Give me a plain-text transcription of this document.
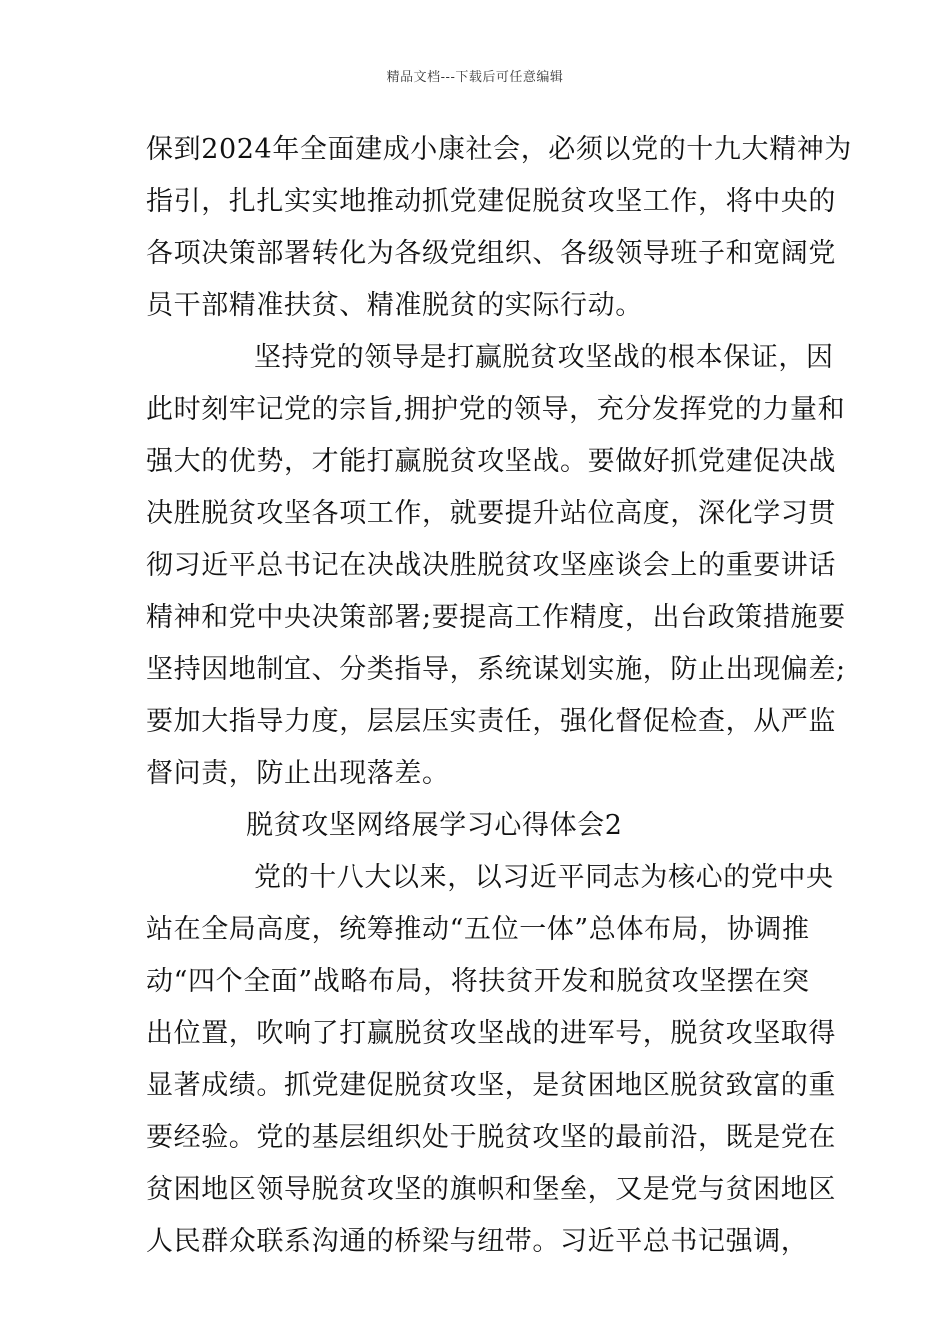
精品文档---下载后可任意编辑
保到2024年全面建成小康社会，必须以党的十九大精神为
指引，扎扎实实地推动抓党建促脱贫攻坚工作，将中央的
各项决策部署转化为各级党组织、各级领导班子和宽阔党
员干部精准扶贫、精准脱贫的实际行动。
坚持党的领导是打赢脱贫攻坚战的根本保证，因
此时刻牢记党的宗旨,拥护党的领导，充分发挥党的力量和
强大的优势，才能打赢脱贫攻坚战。要做好抓党建促决战
决胜脱贫攻坚各项工作，就要提升站位高度，深化学习贯
彻习近平总书记在决战决胜脱贫攻坚座谈会上的重要讲话
精神和党中央决策部署;要提高工作精度，出台政策措施要
坚持因地制宜、分类指导，系统谋划实施，防止出现偏差;
要加大指导力度，层层压实责任，强化督促检查，从严监
督问责，防止出现落差。
脱贫攻坚网络展学习心得体会2
党的十八大以来，以习近平同志为核心的党中央
站在全局高度，统筹推动“五位一体”总体布局，协调推
动“四个全面”战略布局，将扶贫开发和脱贫攻坚摆在突
出位置，吹响了打赢脱贫攻坚战的进军号，脱贫攻坚取得
显著成绩。抓党建促脱贫攻坚，是贫困地区脱贫致富的重
要经验。党的基层组织处于脱贫攻坚的最前沿，既是党在
贫困地区领导脱贫攻坚的旗帜和堡垒，又是党与贫困地区
人民群众联系沟通的桥梁与纽带。习近平总书记强调，
